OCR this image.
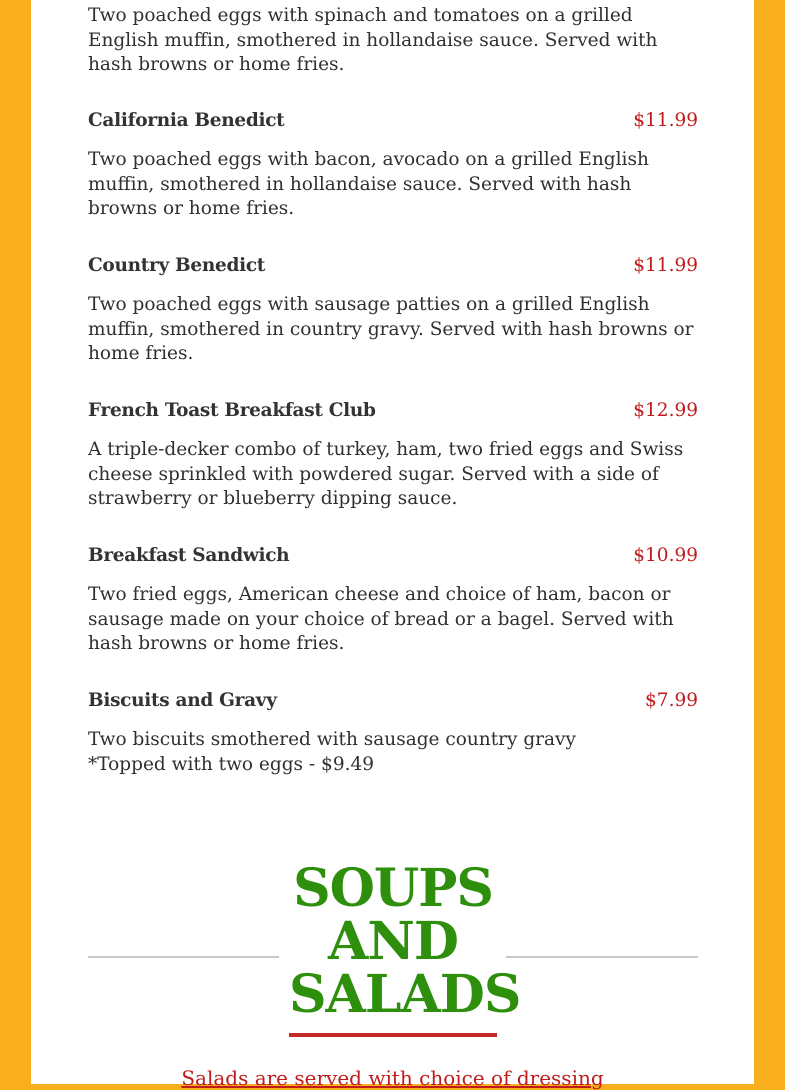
Two poached eggs with spinach and tomatoes on a grilled English muffin, smothered in hollandaise sauce. Served with hash browns or home fries.

California Benedict	$11.99

Two poached eggs with bacon, avocado on a grilled English muffin, smothered in hollandaise sauce. Served with hash browns or home fries.

Country Benedict	$11.99

Two poached eggs with sausage patties on a grilled English muffin, smothered in country gravy. Served with hash browns or home fries.

French Toast Breakfast Club	$12.99

A triple-decker combo of turkey, ham, two fried eggs and Swiss cheese sprinkled with powdered sugar. Served with a side of strawberry or blueberry dipping sauce.

Breakfast Sandwich	$10.99

Two fried eggs, American cheese and choice of ham, bacon or sausage made on your choice of bread or a bagel. Served with hash browns or home fries.

Biscuits and Gravy	$7.99

Two biscuits smothered with sausage country gravy
*Topped with two eggs - $9.49

SOUPS
AND
SALADS

Salads are served with choice of dressing
